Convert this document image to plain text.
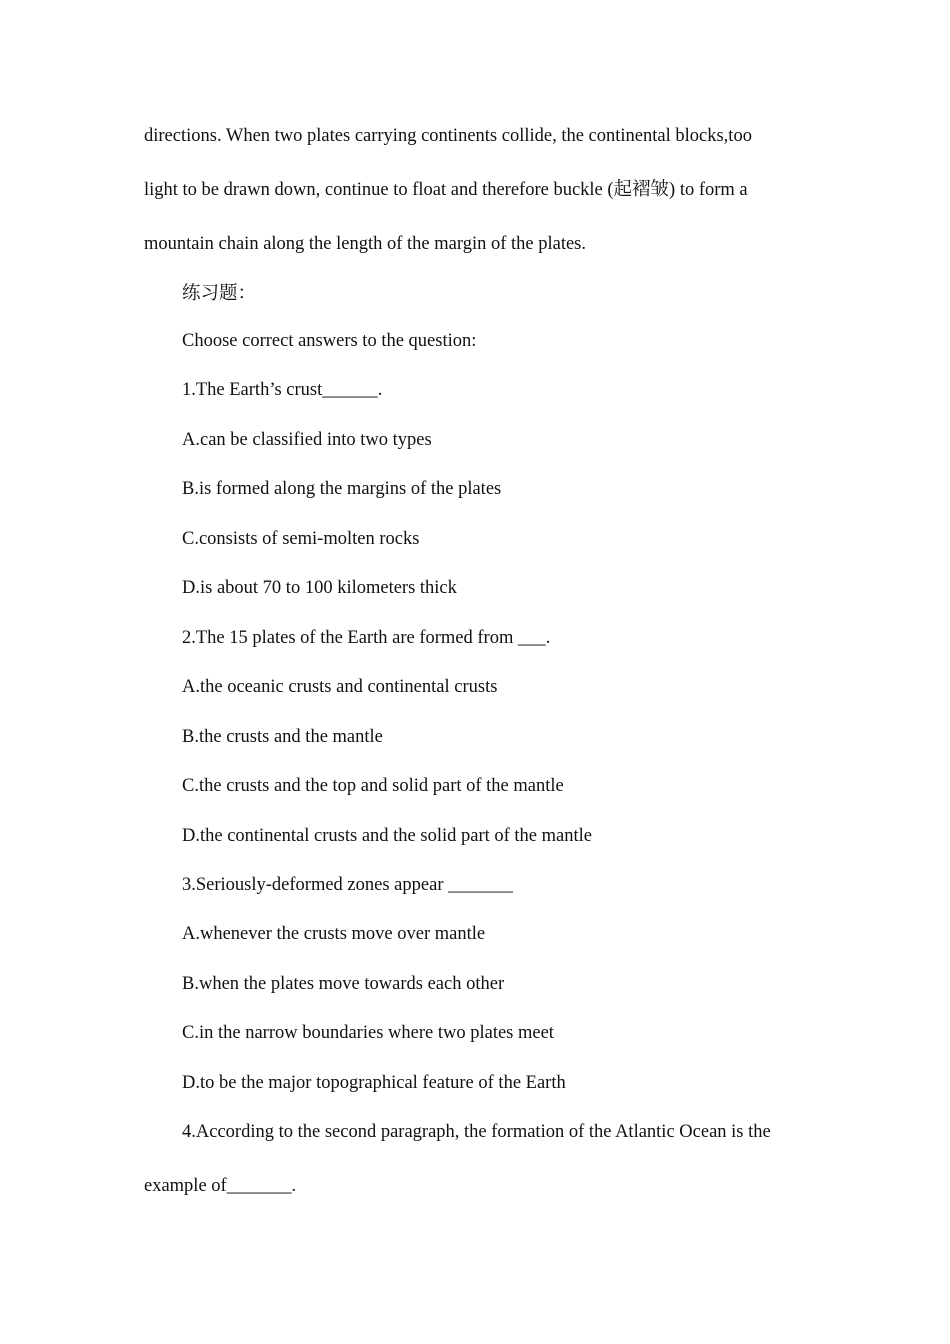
directions. When two plates carrying continents collide, the continental blocks,too
light to be drawn down, continue to float and therefore buckle (起褶皱) to form a
mountain chain along the length of the margin of the plates.
练习题：
Choose correct answers to the question:
1.The Earth’s crust______.
A.can be classified into two types
B.is formed along the margins of the plates
C.consists of semi-molten rocks
D.is about 70 to 100 kilometers thick
2.The 15 plates of the Earth are formed from ___.
A.the oceanic crusts and continental crusts
B.the crusts and the mantle
C.the crusts and the top and solid part of the mantle
D.the continental crusts and the solid part of the mantle
3.Seriously-deformed zones appear _______
A.whenever the crusts move over mantle
B.when the plates move towards each other
C.in the narrow boundaries where two plates meet
D.to be the major topographical feature of the Earth
4.According to the second paragraph, the formation of the Atlantic Ocean is the
example of_______.
